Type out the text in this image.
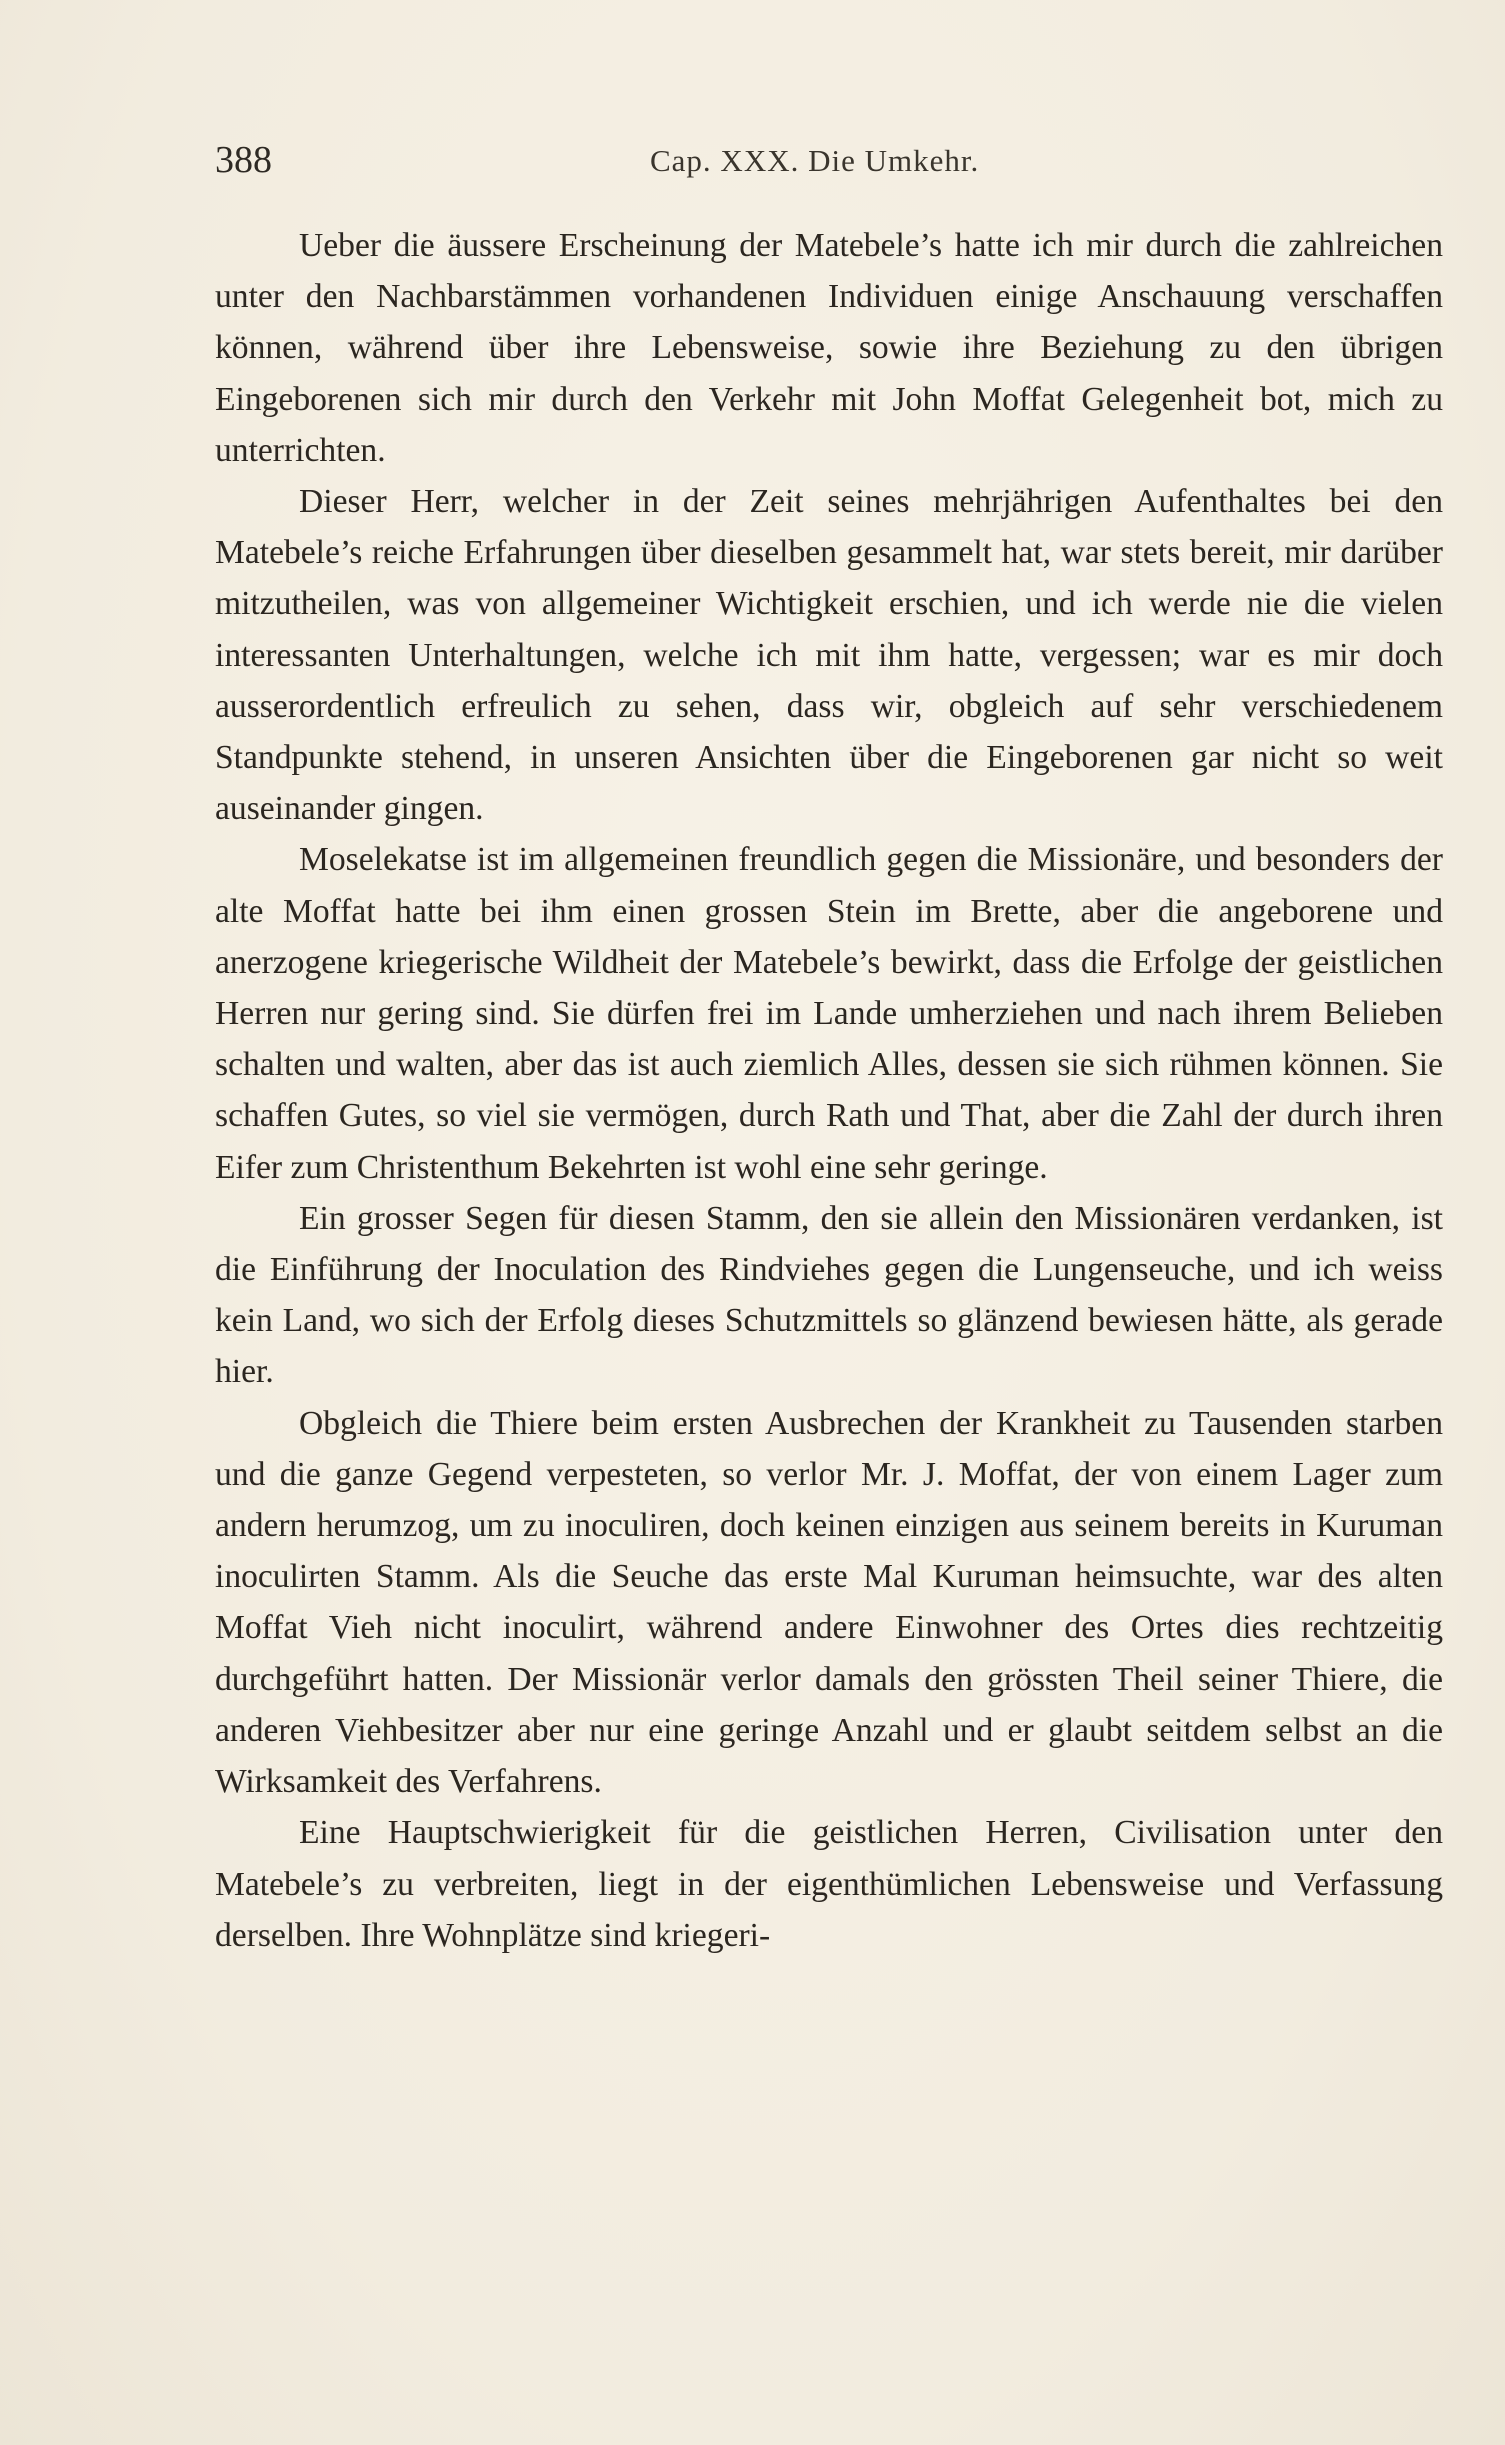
388	Cap. XXX. Die Umkehr.

Ueber die äussere Erscheinung der Matebele’s hatte ich mir durch die zahlreichen unter den Nachbarstämmen vorhandenen Individuen einige Anschauung verschaffen können, während über ihre Lebensweise, sowie ihre Beziehung zu den übrigen Eingeborenen sich mir durch den Verkehr mit John Moffat Gelegenheit bot, mich zu unterrichten.

Dieser Herr, welcher in der Zeit seines mehrjährigen Aufenthaltes bei den Matebele’s reiche Erfahrungen über dieselben gesammelt hat, war stets bereit, mir darüber mitzutheilen, was von allgemeiner Wichtigkeit erschien, und ich werde nie die vielen interessanten Unterhaltungen, welche ich mit ihm hatte, vergessen; war es mir doch ausserordentlich erfreulich zu sehen, dass wir, obgleich auf sehr verschiedenem Standpunkte stehend, in unseren Ansichten über die Eingeborenen gar nicht so weit auseinander gingen.

Moselekatse ist im allgemeinen freundlich gegen die Missionäre, und besonders der alte Moffat hatte bei ihm einen grossen Stein im Brette, aber die angeborene und anerzogene kriegerische Wildheit der Matebele’s bewirkt, dass die Erfolge der geistlichen Herren nur gering sind. Sie dürfen frei im Lande umherziehen und nach ihrem Belieben schalten und walten, aber das ist auch ziemlich Alles, dessen sie sich rühmen können. Sie schaffen Gutes, so viel sie vermögen, durch Rath und That, aber die Zahl der durch ihren Eifer zum Christenthum Bekehrten ist wohl eine sehr geringe.

Ein grosser Segen für diesen Stamm, den sie allein den Missionären verdanken, ist die Einführung der Inoculation des Rindviehes gegen die Lungenseuche, und ich weiss kein Land, wo sich der Erfolg dieses Schutzmittels so glänzend bewiesen hätte, als gerade hier.

Obgleich die Thiere beim ersten Ausbrechen der Krankheit zu Tausenden starben und die ganze Gegend verpesteten, so verlor Mr. J. Moffat, der von einem Lager zum andern herumzog, um zu inoculiren, doch keinen einzigen aus seinem bereits in Kuruman inoculirten Stamm. Als die Seuche das erste Mal Kuruman heimsuchte, war des alten Moffat Vieh nicht inoculirt, während andere Einwohner des Ortes dies rechtzeitig durchgeführt hatten. Der Missionär verlor damals den grössten Theil seiner Thiere, die anderen Viehbesitzer aber nur eine geringe Anzahl und er glaubt seitdem selbst an die Wirksamkeit des Verfahrens.

Eine Hauptschwierigkeit für die geistlichen Herren, Civilisation unter den Matebele’s zu verbreiten, liegt in der eigenthümlichen Lebensweise und Verfassung derselben. Ihre Wohnplätze sind kriegeri-
